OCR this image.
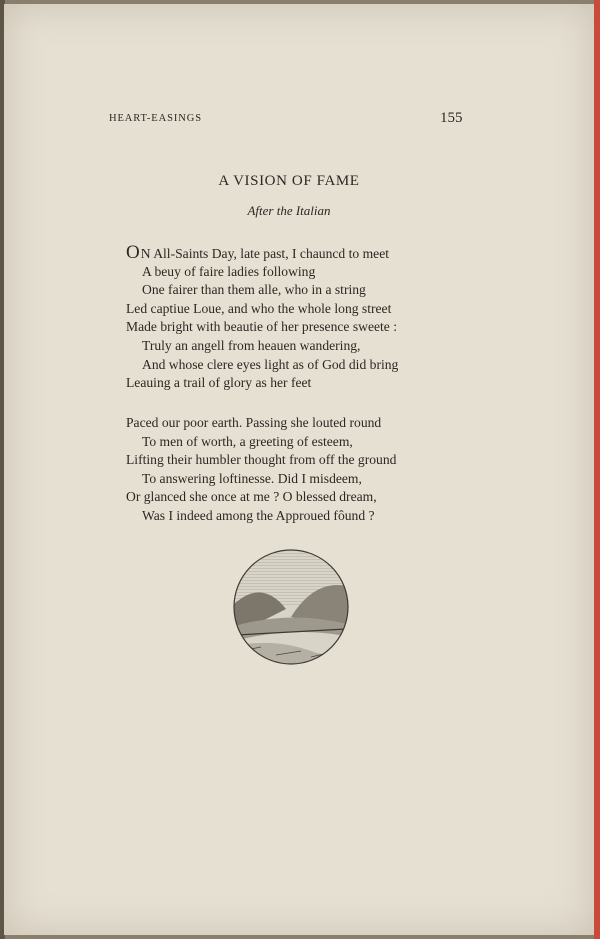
HEART-EASINGS	155
A VISION OF FAME
After the Italian
ON All-Saints Day, late past, I chauncd to meet
A beuy of faire ladies following
One fairer than them alle, who in a string
Led captiue Loue, and who the whole long street
Made bright with beautie of her presence sweete :
Truly an angell from heauen wandering,
And whose clere eyes light as of God did bring
Leauing a trail of glory as her feet
Paced our poor earth. Passing she louted round
To men of worth, a greeting of esteem,
Lifting their humbler thought from off the ground
To answering loftinesse. Did I misdeem,
Or glanced she once at me ? O blessed dream,
Was I indeed among the Approued fôund ?
